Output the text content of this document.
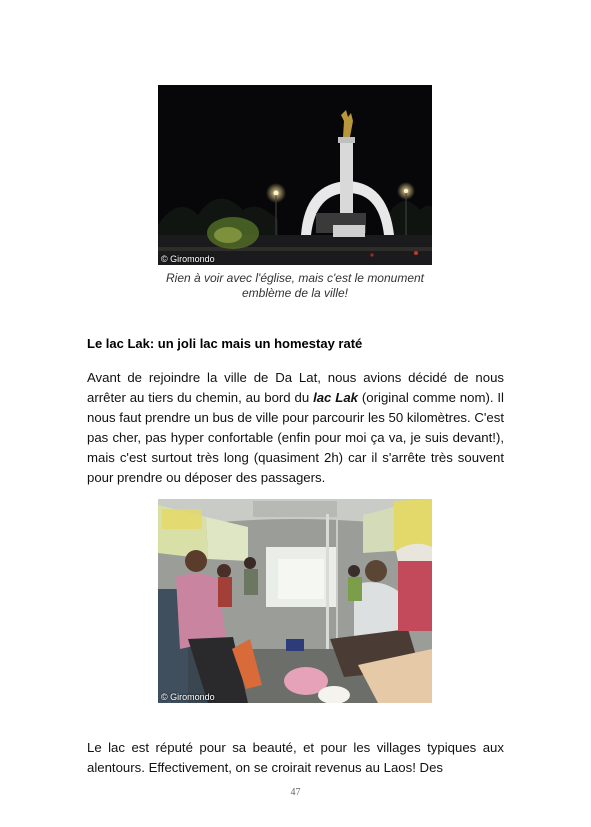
© Giromondo
Rien à voir avec l'église, mais c'est le monument emblème de la ville!
Le lac Lak: un joli lac mais un homestay raté
Avant de rejoindre la ville de Da Lat, nous avions décidé de nous arrêter au tiers du chemin, au bord du lac Lak (original comme nom). Il nous faut prendre un bus de ville pour parcourir les 50 kilomètres. C'est pas cher, pas hyper confortable (enfin pour moi ça va, je suis devant!), mais c'est surtout très long (quasiment 2h) car il s'arrête très souvent pour prendre ou déposer des passagers.
© Giromondo
Le lac est réputé pour sa beauté, et pour les villages typiques aux alentours. Effectivement, on se croirait revenus au Laos! Des
47
